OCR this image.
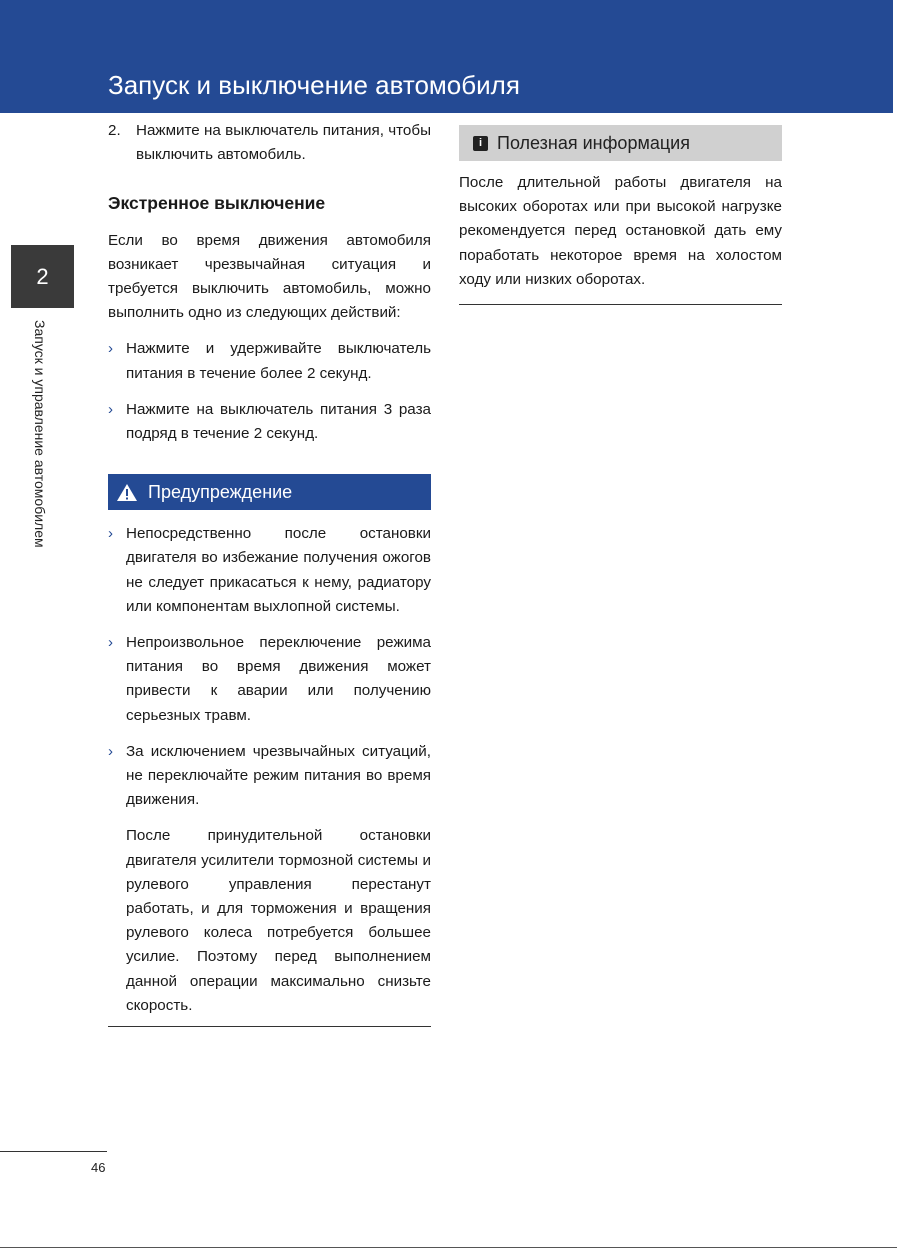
Запуск и выключение автомобиля
2
Запуск и управление автомобилем
2.	Нажмите на выключатель питания, чтобы выключить автомобиль.
Экстренное выключение

Если во время движения автомобиля возникает чрезвычайная ситуация и требуется выключить автомобиль, можно выполнить одно из следующих действий:

› Нажмите и удерживайте выключатель питания в течение более 2 секунд.
› Нажмите на выключатель питания 3 раза подряд в течение 2 секунд.
Предупреждение
› Непосредственно после остановки двигателя во избежание получения ожогов не следует прикасаться к нему, радиатору или компонентам выхлопной системы.
› Непроизвольное переключение режима питания во время движения может привести к аварии или получению серьезных травм.
› За исключением чрезвычайных ситуаций, не переключайте режим питания во время движения.

После принудительной остановки двигателя усилители тормозной системы и рулевого управления перестанут работать, и для торможения и вращения рулевого колеса потребуется большее усилие. Поэтому перед выполнением данной операции максимально снизьте скорость.

i Полезная информация

После длительной работы двигателя на высоких оборотах или при высокой нагрузке рекомендуется перед остановкой дать ему поработать некоторое время на холостом ходу или низких оборотах.

46
